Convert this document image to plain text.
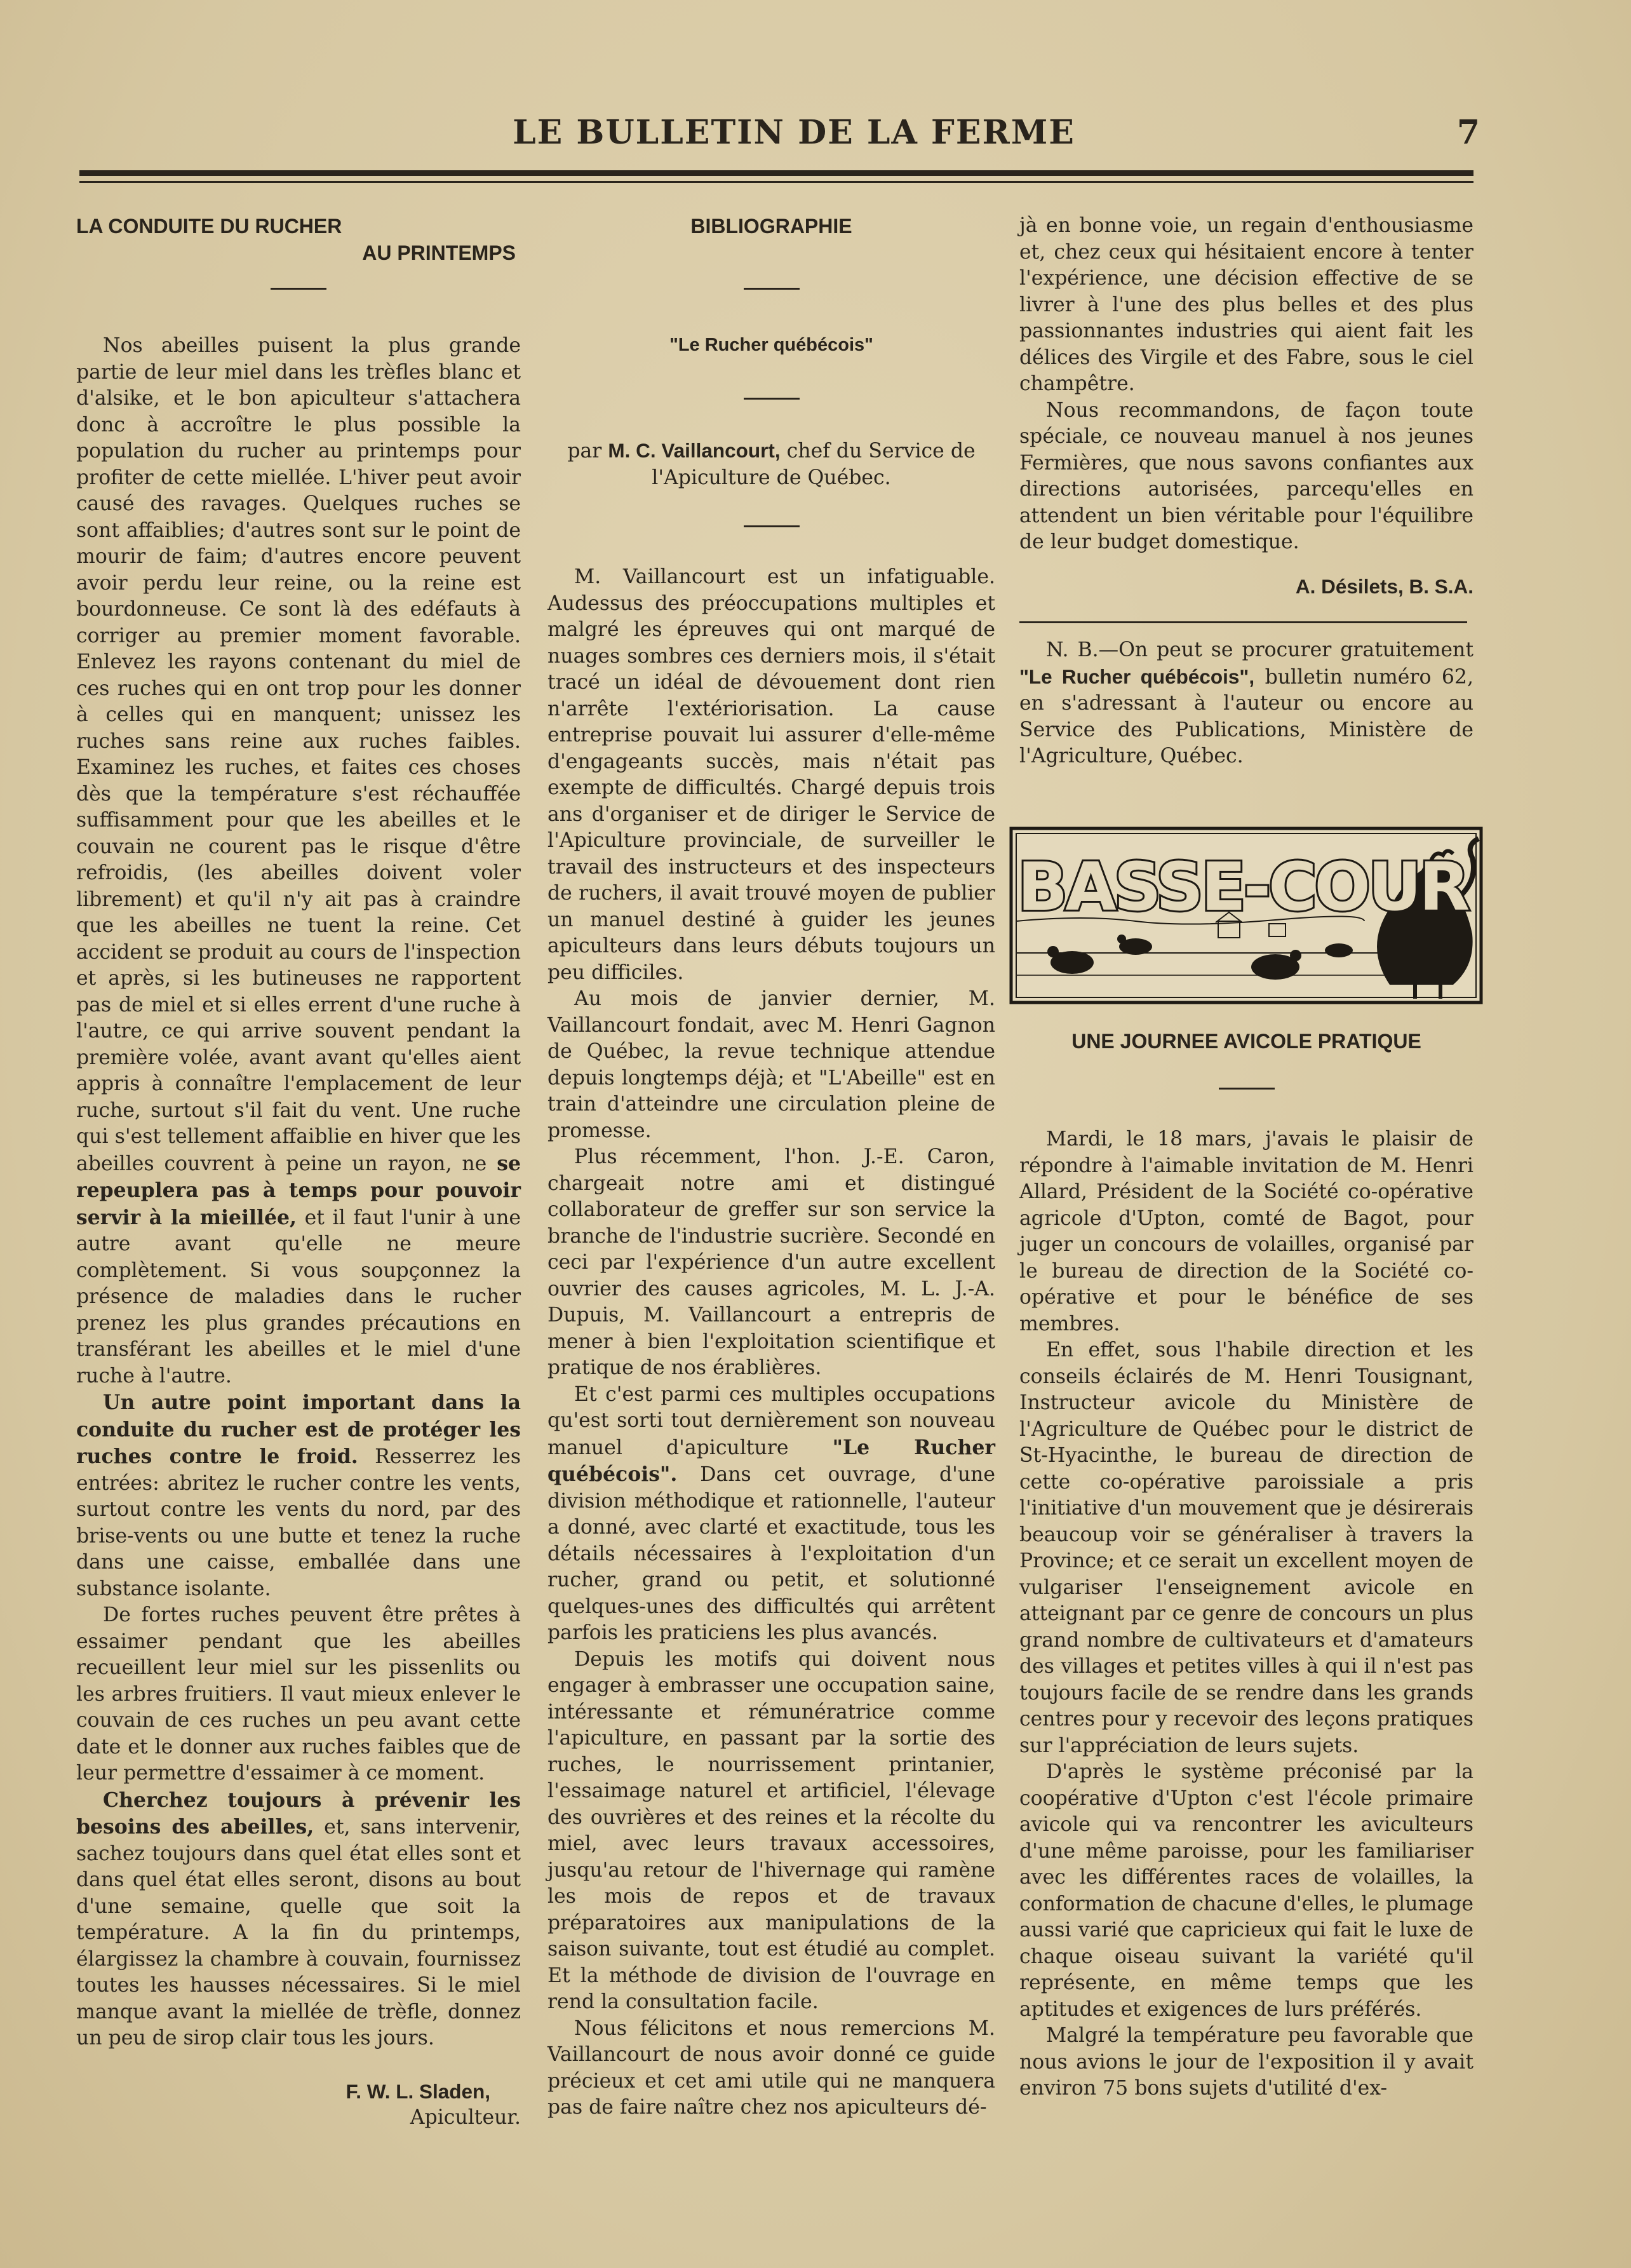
LE BULLETIN DE LA FERME	7
LA CONDUITE DU RUCHER
AU PRINTEMPS

Nos abeilles puisent la plus grande partie de leur miel dans les trèfles blanc et d'alsike, et le bon apiculteur s'attachera donc à accroître le plus possible la population du rucher au printemps pour profiter de cette miellée. L'hiver peut avoir causé des ravages. Quelques ruches se sont affaiblies; d'autres sont sur le point de mourir de faim; d'autres encore peuvent avoir perdu leur reine, ou la reine est bourdonneuse. Ce sont là des edéfauts à corriger au premier moment favorable. Enlevez les rayons contenant du miel de ces ruches qui en ont trop pour les donner à celles qui en manquent; unissez les ruches sans reine aux ruches faibles. Examinez les ruches, et faites ces choses dès que la température s'est réchauffée suffisamment pour que les abeilles et le couvain ne courent pas le risque d'être refroidis, (les abeilles doivent voler librement) et qu'il n'y ait pas à craindre que les abeilles ne tuent la reine. Cet accident se produit au cours de l'inspection et après, si les butineuses ne rapportent pas de miel et si elles errent d'une ruche à l'autre, ce qui arrive souvent pendant la première volée, avant avant qu'elles aient appris à connaître l'emplacement de leur ruche, surtout s'il fait du vent. Une ruche qui s'est tellement affaiblie en hiver que les abeilles couvrent à peine un rayon, ne se repeuplera pas à temps pour pouvoir servir à la mieillée, et il faut l'unir à une autre avant qu'elle ne meure complètement. Si vous soupçonnez la présence de maladies dans le rucher prenez les plus grandes précautions en transférant les abeilles et le miel d'une ruche à l'autre.

Un autre point important dans la conduite du rucher est de protéger les ruches contre le froid. Resserrez les entrées: abritez le rucher contre les vents, surtout contre les vents du nord, par des brise-vents ou une butte et tenez la ruche dans une caisse, emballée dans une substance isolante.

De fortes ruches peuvent être prêtes à essaimer pendant que les abeilles recueillent leur miel sur les pissenlits ou les arbres fruitiers. Il vaut mieux enlever le couvain de ces ruches un peu avant cette date et le donner aux ruches faibles que de leur permettre d'essaimer à ce moment.

Cherchez toujours à prévenir les besoins des abeilles, et, sans intervenir, sachez toujours dans quel état elles sont et dans quel état elles seront, disons au bout d'une semaine, quelle que soit la température. A la fin du printemps, élargissez la chambre à couvain, fournissez toutes les hausses nécessaires. Si le miel manque avant la miellée de trèfle, donnez un peu de sirop clair tous les jours.

F. W. L. Sladen,

Apiculteur.

BIBLIOGRAPHIE
"Le Rucher québécois"

par M. C. Vaillancourt, chef du Service de l'Apiculture de Québec.

M. Vaillancourt est un infatiguable. Audessus des préoccupations multiples et malgré les épreuves qui ont marqué de nuages sombres ces derniers mois, il s'était tracé un idéal de dévouement dont rien n'arrête l'extériorisation. La cause entreprise pouvait lui assurer d'elle-même d'engageants succès, mais n'était pas exempte de difficultés. Chargé depuis trois ans d'organiser et de diriger le Service de l'Apiculture provinciale, de surveiller le travail des instructeurs et des inspecteurs de ruchers, il avait trouvé moyen de publier un manuel destiné à guider les jeunes apiculteurs dans leurs débuts toujours un peu difficiles.

Au mois de janvier dernier, M. Vaillancourt fondait, avec M. Henri Gagnon de Québec, la revue technique attendue depuis longtemps déjà; et "L'Abeille" est en train d'atteindre une circulation pleine de promesse.

Plus récemment, l'hon. J.-E. Caron, chargeait notre ami et distingué collaborateur de greffer sur son service la branche de l'industrie sucrière. Secondé en ceci par l'expérience d'un autre excellent ouvrier des causes agricoles, M. L. J.-A. Dupuis, M. Vaillancourt a entrepris de mener à bien l'exploitation scientifique et pratique de nos érablières.

Et c'est parmi ces multiples occupations qu'est sorti tout dernièrement son nouveau manuel d'apiculture "Le Rucher québécois". Dans cet ouvrage, d'une division méthodique et rationnelle, l'auteur a donné, avec clarté et exactitude, tous les détails nécessaires à l'exploitation d'un rucher, grand ou petit, et solutionné quelques-unes des difficultés qui arrêtent parfois les praticiens les plus avancés.

Depuis les motifs qui doivent nous engager à embrasser une occupation saine, intéressante et rémunératrice comme l'apiculture, en passant par la sortie des ruches, le nourrissement printanier, l'essaimage naturel et artificiel, l'élevage des ouvrières et des reines et la récolte du miel, avec leurs travaux accessoires, jusqu'au retour de l'hivernage qui ramène les mois de repos et de travaux préparatoires aux manipulations de la saison suivante, tout est étudié au complet. Et la méthode de division de l'ouvrage en rend la consultation facile.

Nous félicitons et nous remercions M. Vaillancourt de nous avoir donné ce guide précieux et cet ami utile qui ne manquera pas de faire naître chez nos apiculteurs dé-

jà en bonne voie, un regain d'enthousiasme et, chez ceux qui hésitaient encore à tenter l'expérience, une décision effective de se livrer à l'une des plus belles et des plus passionnantes industries qui aient fait les délices des Virgile et des Fabre, sous le ciel champêtre.

Nous recommandons, de façon toute spéciale, ce nouveau manuel à nos jeunes Fermières, que nous savons confiantes aux directions autorisées, parcequ'elles en attendent un bien véritable pour l'équilibre de leur budget domestique.

A. Désilets, B. S.A.

N. B.—On peut se procurer gratuitement "Le Rucher québécois", bulletin numéro 62, en s'adressant à l'auteur ou encore au Service des Publications, Ministère de l'Agriculture, Québec.

BASSE-COUR
UNE JOURNEE AVICOLE PRATIQUE

Mardi, le 18 mars, j'avais le plaisir de répondre à l'aimable invitation de M. Henri Allard, Président de la Société co-opérative agricole d'Upton, comté de Bagot, pour juger un concours de volailles, organisé par le bureau de direction de la Société co-opérative et pour le bénéfice de ses membres.

En effet, sous l'habile direction et les conseils éclairés de M. Henri Tousignant, Instructeur avicole du Ministère de l'Agriculture de Québec pour le district de St-Hyacinthe, le bureau de direction de cette co-opérative paroissiale a pris l'initiative d'un mouvement que je désirerais beaucoup voir se généraliser à travers la Province; et ce serait un excellent moyen de vulgariser l'enseignement avicole en atteignant par ce genre de concours un plus grand nombre de cultivateurs et d'amateurs des villages et petites villes à qui il n'est pas toujours facile de se rendre dans les grands centres pour y recevoir des leçons pratiques sur l'appréciation de leurs sujets.

D'après le système préconisé par la coopérative d'Upton c'est l'école primaire avicole qui va rencontrer les aviculteurs d'une même paroisse, pour les familiariser avec les différentes races de volailles, la conformation de chacune d'elles, le plumage aussi varié que capricieux qui fait le luxe de chaque oiseau suivant la variété qu'il représente, en même temps que les aptitudes et exigences de lurs préférés.

Malgré la température peu favorable que nous avions le jour de l'exposition il y avait environ 75 bons sujets d'utilité d'ex-
